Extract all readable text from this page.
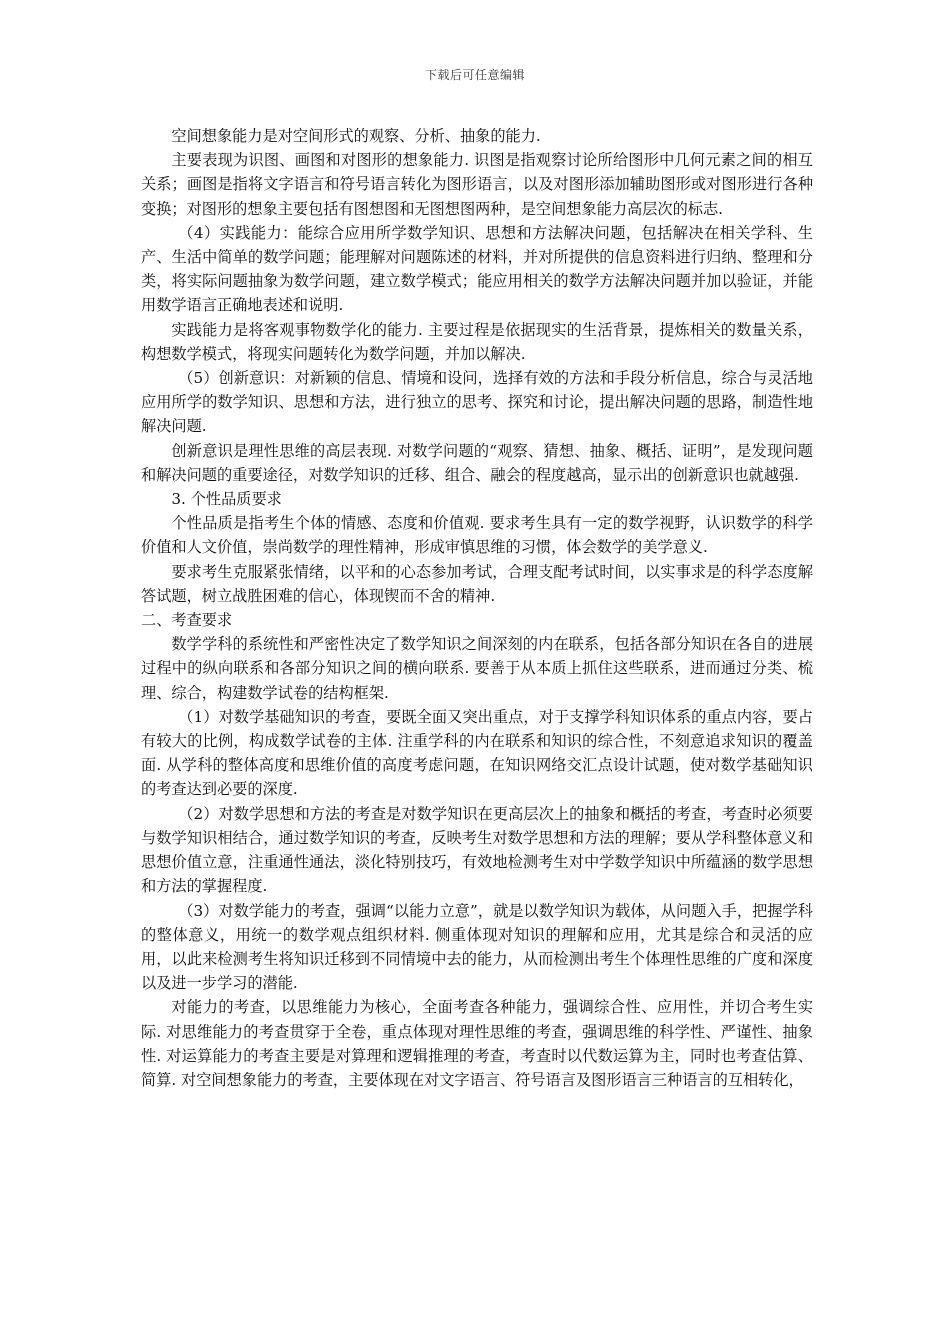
下载后可任意编辑

空间想象能力是对空间形式的观察、分析、抽象的能力.

主要表现为识图、画图和对图形的想象能力. 识图是指观察讨论所给图形中几何元素之间的相互关系；画图是指将文字语言和符号语言转化为图形语言，以及对图形添加辅助图形或对图形进行各种变换；对图形的想象主要包括有图想图和无图想图两种，是空间想象能力高层次的标志.

（4）实践能力：能综合应用所学数学知识、思想和方法解决问题，包括解决在相关学科、生产、生活中简单的数学问题；能理解对问题陈述的材料，并对所提供的信息资料进行归纳、整理和分类，将实际问题抽象为数学问题，建立数学模式；能应用相关的数学方法解决问题并加以验证，并能用数学语言正确地表述和说明.

实践能力是将客观事物数学化的能力. 主要过程是依据现实的生活背景，提炼相关的数量关系，构想数学模式，将现实问题转化为数学问题，并加以解决.

（5）创新意识：对新颖的信息、情境和设问，选择有效的方法和手段分析信息，综合与灵活地应用所学的数学知识、思想和方法，进行独立的思考、探究和讨论，提出解决问题的思路，制造性地解决问题.

创新意识是理性思维的高层表现. 对数学问题的“观察、猜想、抽象、概括、证明”，是发现问题和解决问题的重要途径，对数学知识的迁移、组合、融会的程度越高，显示出的创新意识也就越强.

3. 个性品质要求

个性品质是指考生个体的情感、态度和价值观. 要求考生具有一定的数学视野，认识数学的科学价值和人文价值，崇尚数学的理性精神，形成审慎思维的习惯，体会数学的美学意义.

要求考生克服紧张情绪，以平和的心态参加考试，合理支配考试时间，以实事求是的科学态度解答试题，树立战胜困难的信心，体现锲而不舍的精神.

二、考查要求

数学学科的系统性和严密性决定了数学知识之间深刻的内在联系，包括各部分知识在各自的进展过程中的纵向联系和各部分知识之间的横向联系. 要善于从本质上抓住这些联系，进而通过分类、梳理、综合，构建数学试卷的结构框架.

（1）对数学基础知识的考查，要既全面又突出重点，对于支撑学科知识体系的重点内容，要占有较大的比例，构成数学试卷的主体. 注重学科的内在联系和知识的综合性，不刻意追求知识的覆盖面. 从学科的整体高度和思维价值的高度考虑问题，在知识网络交汇点设计试题，使对数学基础知识的考查达到必要的深度.

（2）对数学思想和方法的考查是对数学知识在更高层次上的抽象和概括的考查，考查时必须要与数学知识相结合，通过数学知识的考查，反映考生对数学思想和方法的理解；要从学科整体意义和思想价值立意，注重通性通法，淡化特别技巧，有效地检测考生对中学数学知识中所蕴涵的数学思想和方法的掌握程度.

（3）对数学能力的考查，强调“以能力立意”，就是以数学知识为载体，从问题入手，把握学科的整体意义，用统一的数学观点组织材料. 侧重体现对知识的理解和应用，尤其是综合和灵活的应用，以此来检测考生将知识迁移到不同情境中去的能力，从而检测出考生个体理性思维的广度和深度以及进一步学习的潜能.

对能力的考查，以思维能力为核心，全面考查各种能力，强调综合性、应用性，并切合考生实际. 对思维能力的考查贯穿于全卷，重点体现对理性思维的考查，强调思维的科学性、严谨性、抽象性. 对运算能力的考查主要是对算理和逻辑推理的考查，考查时以代数运算为主，同时也考查估算、简算. 对空间想象能力的考查，主要体现在对文字语言、符号语言及图形语言三种语言的互相转化，
